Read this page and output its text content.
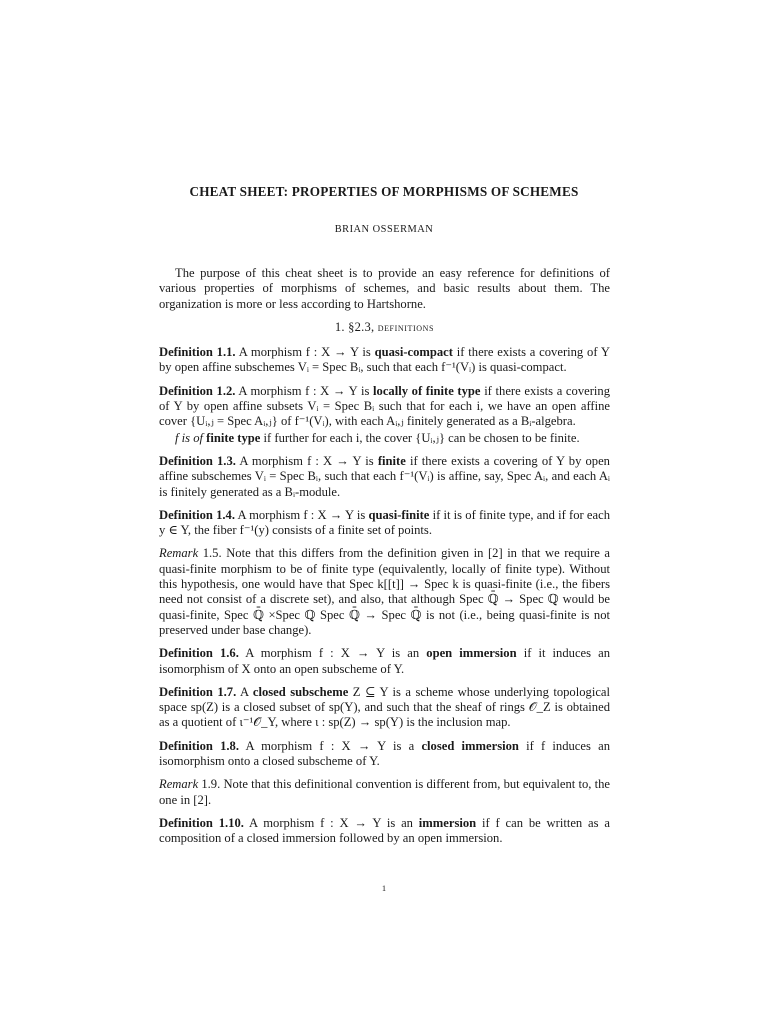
CHEAT SHEET: PROPERTIES OF MORPHISMS OF SCHEMES
BRIAN OSSERMAN

The purpose of this cheat sheet is to provide an easy reference for definitions of various properties of morphisms of schemes, and basic results about them. The organization is more or less according to Hartshorne.

1. §2.3, definitions

Definition 1.1. A morphism f : X → Y is quasi-compact if there exists a covering of Y by open affine subschemes Vᵢ = Spec Bᵢ, such that each f⁻¹(Vᵢ) is quasi-compact.

Definition 1.2. A morphism f : X → Y is locally of finite type if there exists a covering of Y by open affine subsets Vᵢ = Spec Bᵢ such that for each i, we have an open affine cover {Uᵢ,ⱼ = Spec Aᵢ,ⱼ} of f⁻¹(Vᵢ), with each Aᵢ,ⱼ finitely generated as a Bᵢ-algebra.

f is of finite type if further for each i, the cover {Uᵢ,ⱼ} can be chosen to be finite.

Definition 1.3. A morphism f : X → Y is finite if there exists a covering of Y by open affine subschemes Vᵢ = Spec Bᵢ, such that each f⁻¹(Vᵢ) is affine, say, Spec Aᵢ, and each Aᵢ is finitely generated as a Bᵢ-module.

Definition 1.4. A morphism f : X → Y is quasi-finite if it is of finite type, and if for each y ∈ Y, the fiber f⁻¹(y) consists of a finite set of points.

Remark 1.5. Note that this differs from the definition given in [2] in that we require a quasi-finite morphism to be of finite type (equivalently, locally of finite type). Without this hypothesis, one would have that Spec k[[t]] → Spec k is quasi-finite (i.e., the fibers need not consist of a discrete set), and also, that although Spec ℚ̄ → Spec ℚ would be quasi-finite, Spec ℚ̄ ×Spec ℚ Spec ℚ̄ → Spec ℚ̄ is not (i.e., being quasi-finite is not preserved under base change).

Definition 1.6. A morphism f : X → Y is an open immersion if it induces an isomorphism of X onto an open subscheme of Y.

Definition 1.7. A closed subscheme Z ⊆ Y is a scheme whose underlying topological space sp(Z) is a closed subset of sp(Y), and such that the sheaf of rings 𝒪_Z is obtained as a quotient of ι⁻¹𝒪_Y, where ι : sp(Z) → sp(Y) is the inclusion map.

Definition 1.8. A morphism f : X → Y is a closed immersion if f induces an isomorphism onto a closed subscheme of Y.

Remark 1.9. Note that this definitional convention is different from, but equivalent to, the one in [2].

Definition 1.10. A morphism f : X → Y is an immersion if f can be written as a composition of a closed immersion followed by an open immersion.

1
